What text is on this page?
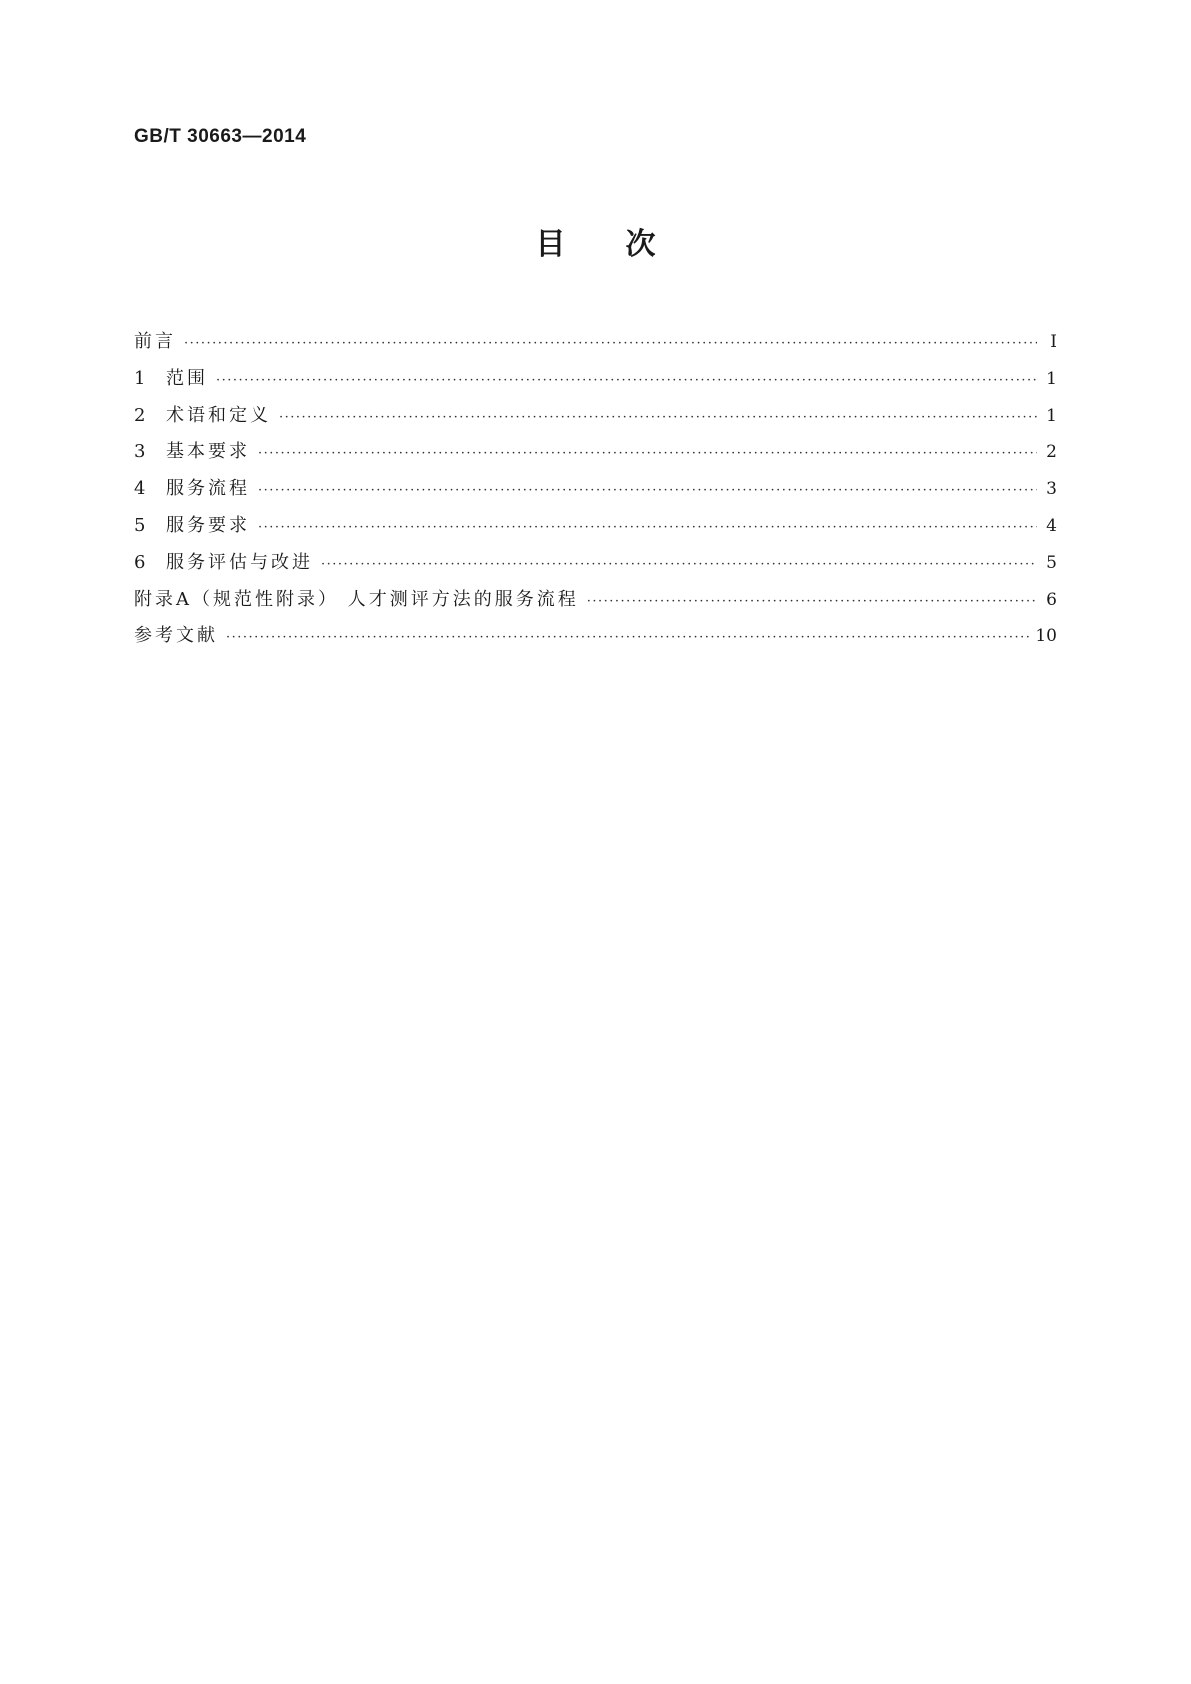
GB/T 30663—2014
目次
前言 ·····	Ⅰ
1	范围 ·····	1
2	术语和定义 ·····	1
3	基本要求 ·····	2
4	服务流程 ·····	3
5	服务要求 ·····	4
6	服务评估与改进 ·····	5
附录A（规范性附录） 人才测评方法的服务流程 ·····	6
参考文献 ·····	10
